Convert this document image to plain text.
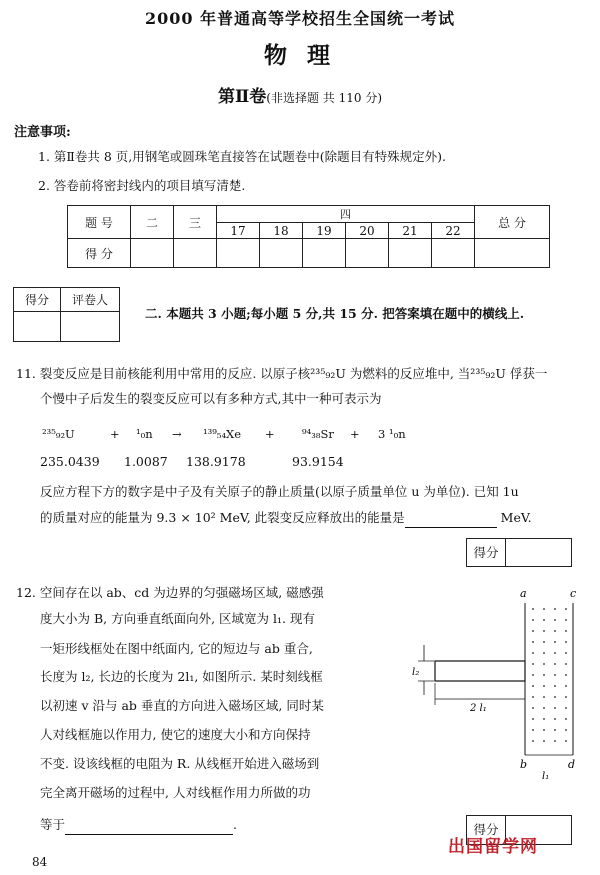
2000 年普通高等学校招生全国统一考试
物 理
第Ⅱ卷(非选择题 共 110 分)
注意事项:
1. 第Ⅱ卷共 8 页,用钢笔或圆珠笔直接答在试题卷中(除题目有特殊规定外).
2. 答卷前将密封线内的项目填写清楚.
题 号	二	三	四						总 分
			17	18	19	20	21	22	
得 分									
得分	评卷人

二. 本题共 3 小题;每小题 5 分,共 15 分. 把答案填在题中的横线上.
11. 裂变反应是目前核能利用中常用的反应. 以原子核²³⁵₉₂U 为燃料的反应堆中, 当²³⁵₉₂U 俘获一
个慢中子后发生的裂变反应可以有多种方式,其中一种可表示为
²³⁵₉₂U	+ ¹₀n → ¹³⁹₅₄Xe + ⁹⁴₃₈Sr + 3 ¹₀n
235.0439 1.0087 138.9178	93.9154
反应方程下方的数字是中子及有关原子的静止质量(以原子质量单位 u 为单位). 已知 1u
的质量对应的能量为 9.3 × 10² MeV, 此裂变反应释放出的能量是	MeV.
得分
12. 空间存在以 ab、cd 为边界的匀强磁场区域, 磁感强
度大小为 B, 方向垂直纸面向外, 区域宽为 l₁. 现有
一矩形线框处在图中纸面内, 它的短边与 ab 重合,
长度为 l₂, 长边的长度为 2l₁, 如图所示. 某时刻线框
以初速 v 沿与 ab 垂直的方向进入磁场区域, 同时某
人对线框施以作用力, 使它的速度大小和方向保持
不变. 设该线框的电阻为 R. 从线框开始进入磁场到
完全离开磁场的过程中, 人对线框作用力所做的功
等于	.
a	c
b	d
l₂
2 l₁
l₁
得分
出国留学网
84
